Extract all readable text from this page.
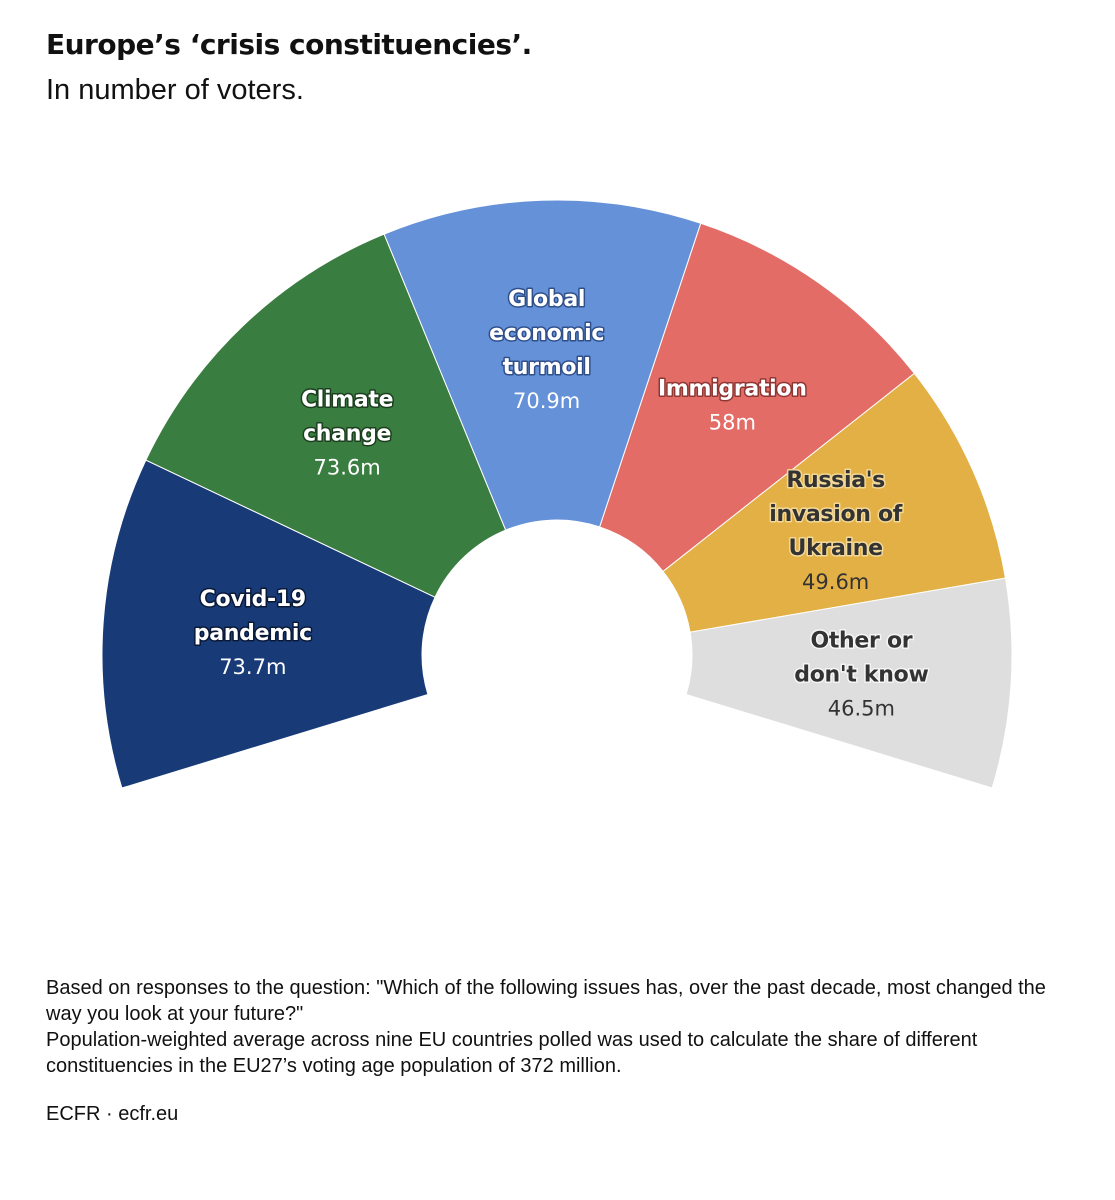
Europe’s ‘crisis constituencies’.

In number of voters.

Covid-19
pandemic
73.7m
Climate
change
73.6m
Global
economic
turmoil
70.9m	Immigration
58m
Russia's
invasion of
Ukraine
49.6m
Other or
don't know
46.5m

Based on responses to the question: "Which of the following issues has, over the past decade, most changed the way you look at your future?"

Population-weighted average across nine EU countries polled was used to calculate the share of different constituencies in the EU27’s voting age population of 372 million.

ECFR · ecfr.eu
